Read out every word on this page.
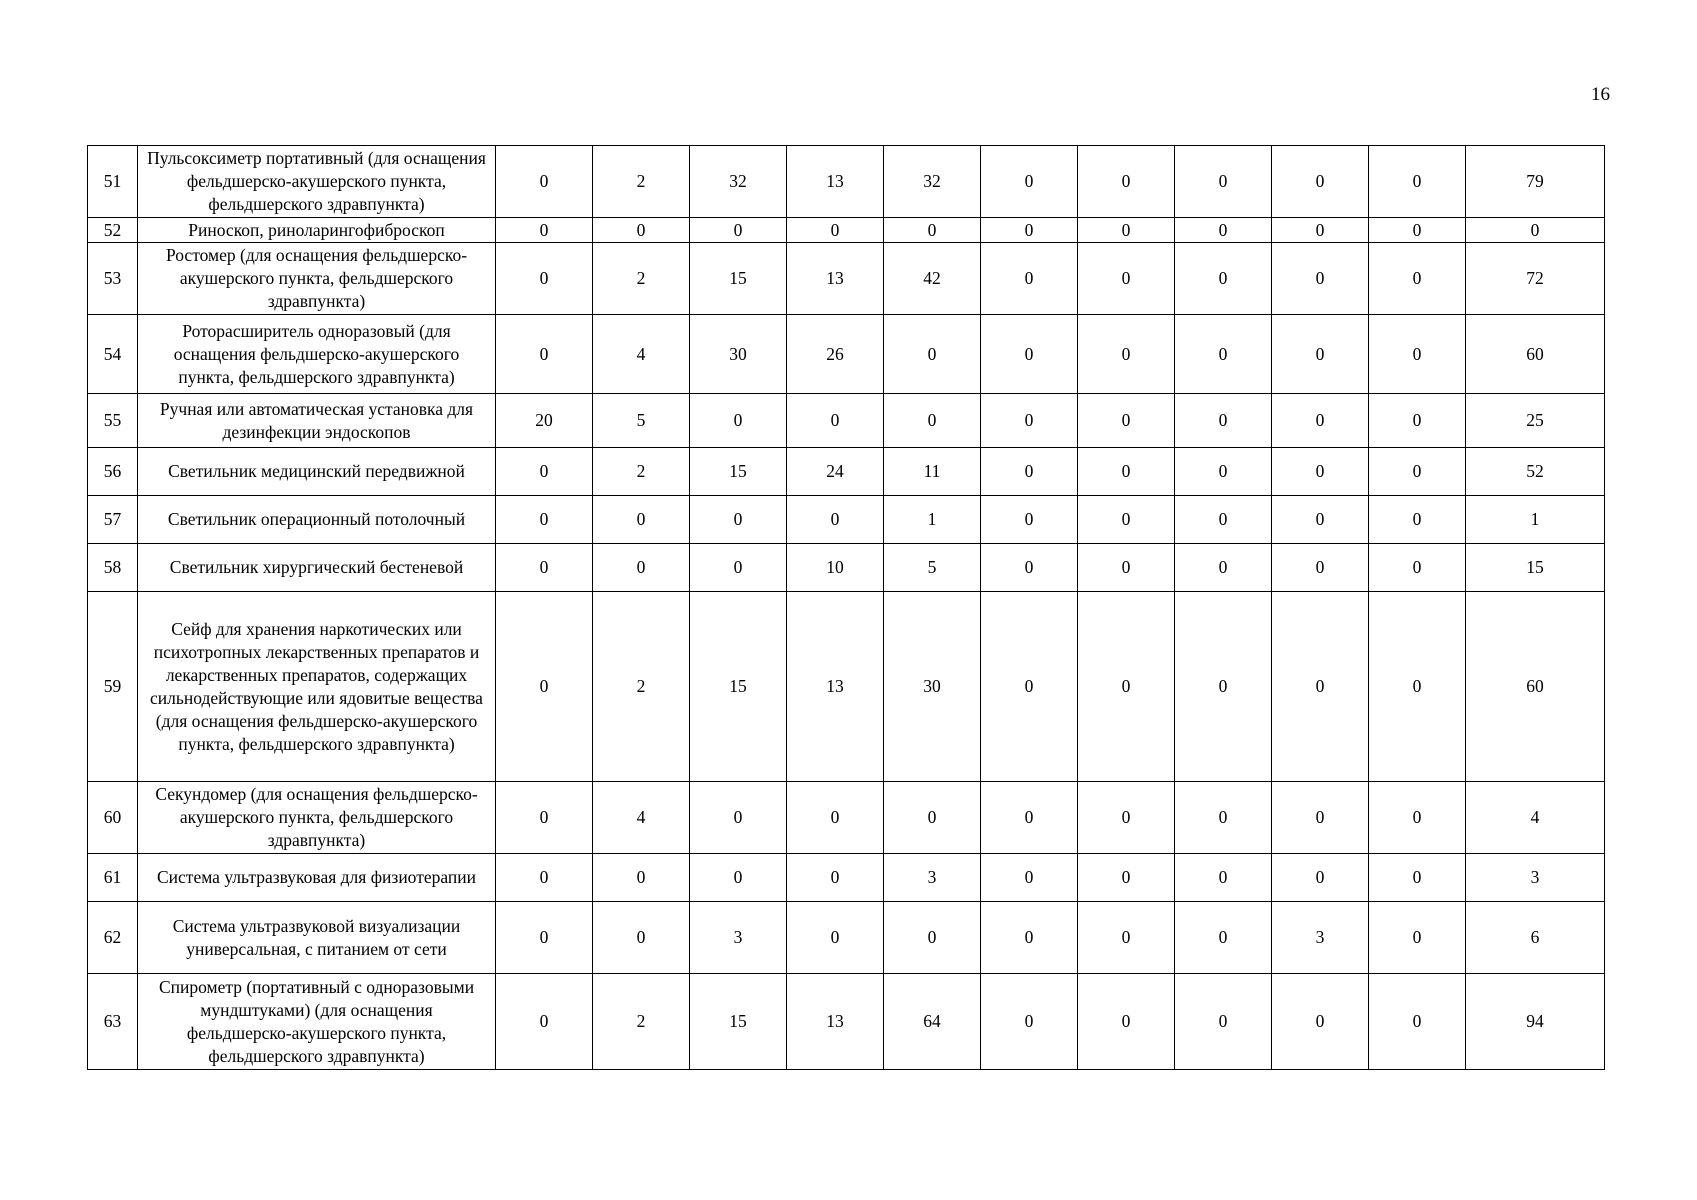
16
51	Пульсоксиметр портативный (для оснащения фельдшерско-акушерского пункта, фельдшерского здравпункта)	0	2	32	13	32	0	0	0	0	0	79
52	Риноскоп, риноларингофиброскоп	0	0	0	0	0	0	0	0	0	0	0
53	Ростомер (для оснащения фельдшерско-акушерского пункта, фельдшерского здравпункта)	0	2	15	13	42	0	0	0	0	0	72
54	Роторасширитель одноразовый (для оснащения фельдшерско-акушерского пункта, фельдшерского здравпункта)	0	4	30	26	0	0	0	0	0	0	60
55	Ручная или автоматическая установка для дезинфекции эндоскопов	20	5	0	0	0	0	0	0	0	0	25
56	Светильник медицинский передвижной	0	2	15	24	11	0	0	0	0	0	52
57	Светильник операционный потолочный	0	0	0	0	1	0	0	0	0	0	1
58	Светильник хирургический бестеневой	0	0	0	10	5	0	0	0	0	0	15
59	Сейф для хранения наркотических или психотропных лекарственных препаратов и лекарственных препаратов, содержащих сильнодействующие или ядовитые вещества (для оснащения фельдшерско-акушерского пункта, фельдшерского здравпункта)	0	2	15	13	30	0	0	0	0	0	60
60	Секундомер (для оснащения фельдшерско-акушерского пункта, фельдшерского здравпункта)	0	4	0	0	0	0	0	0	0	0	4
61	Система ультразвуковая для физиотерапии	0	0	0	0	3	0	0	0	0	0	3
62	Система ультразвуковой визуализации универсальная, с питанием от сети	0	0	3	0	0	0	0	0	3	0	6
63	Спирометр (портативный с одноразовыми мундштуками) (для оснащения фельдшерско-акушерского пункта, фельдшерского здравпункта)	0	2	15	13	64	0	0	0	0	0	94
